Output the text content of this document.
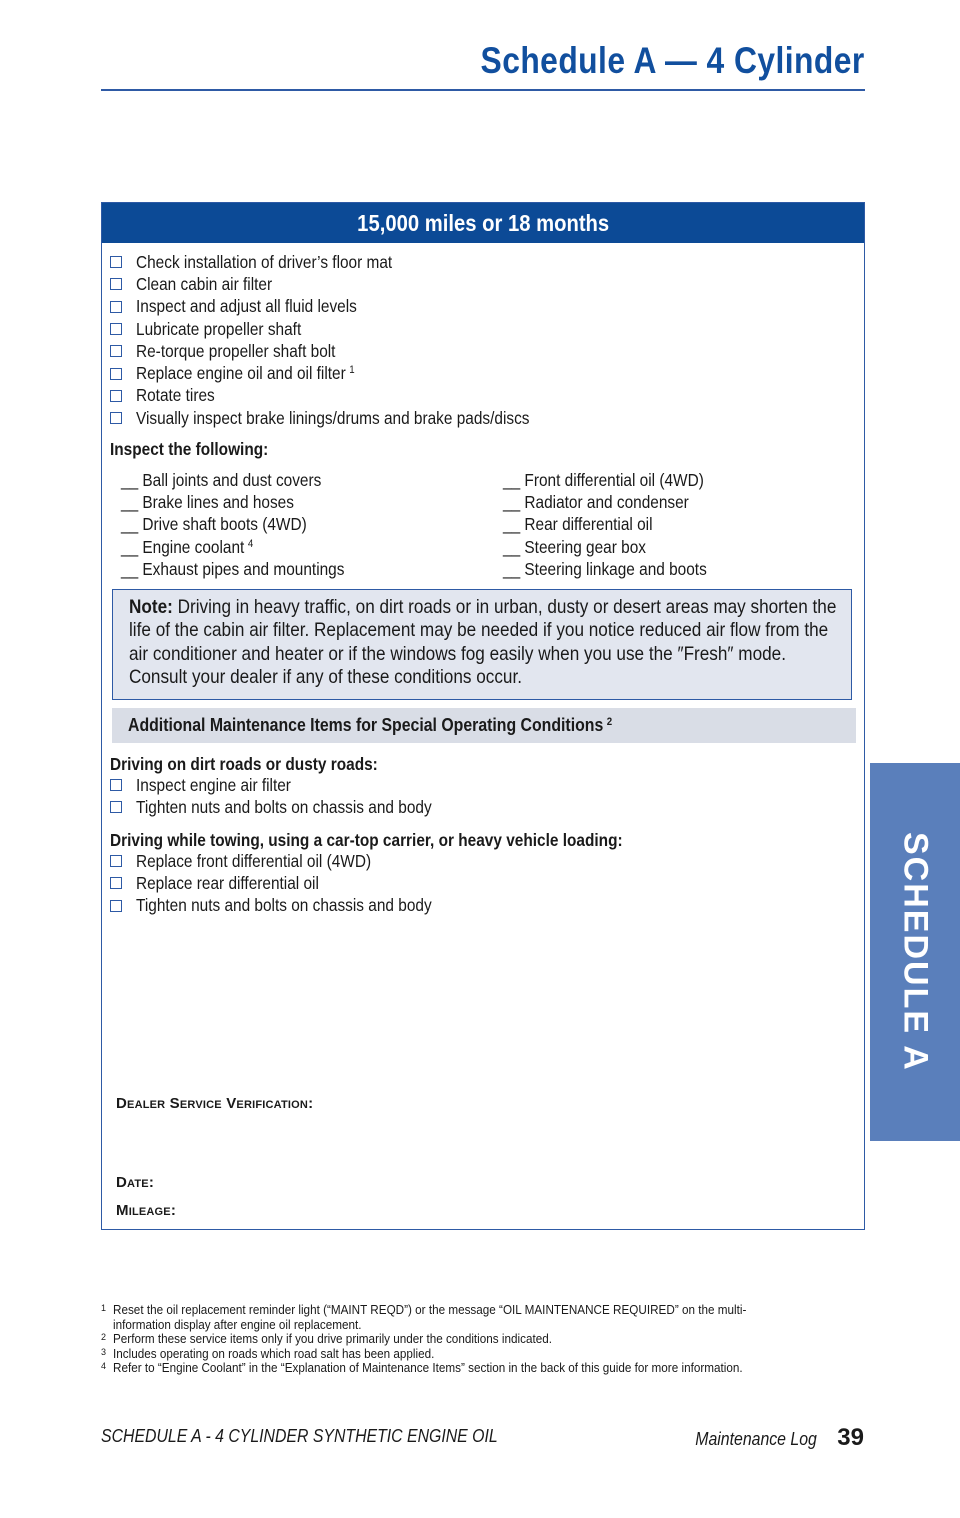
Schedule A — 4 Cylinder
15,000 miles or 18 months
Check installation of driver’s floor mat
Clean cabin air filter
Inspect and adjust all fluid levels
Lubricate propeller shaft
Re-torque propeller shaft bolt
Replace engine oil and oil filter $^1$
Rotate tires
Visually inspect brake linings/drums and brake pads/discs
Inspect the following:
__ Ball joints and dust covers
__ Brake lines and hoses
__ Drive shaft boots (4WD)
__ Engine coolant $^4$
__ Exhaust pipes and mountings
__ Front differential oil (4WD)
__ Radiator and condenser
__ Rear differential oil
__ Steering gear box
__ Steering linkage and boots
Note: Driving in heavy traffic, on dirt roads or in urban, dusty or desert areas may shorten the life of the cabin air filter. Replacement may be needed if you notice reduced air flow from the air conditioner and heater or if the windows fog easily when you use the ″Fresh″ mode. Consult your dealer if any of these conditions occur.
Additional Maintenance Items for Special Operating Conditions $^2$
Driving on dirt roads or dusty roads:
Inspect engine air filter
Tighten nuts and bolts on chassis and body
Driving while towing, using a car-top carrier, or heavy vehicle loading:
Replace front differential oil (4WD)
Replace rear differential oil
Tighten nuts and bolts on chassis and body
Dealer Service Verification:
Date:
Mileage:
1 Reset the oil replacement reminder light (“MAINT REQD”) or the message “OIL MAINTENANCE REQUIRED” on the multi-information display after engine oil replacement.
2 Perform these service items only if you drive primarily under the conditions indicated.
3 Includes operating on roads which road salt has been applied.
4 Refer to “Engine Coolant” in the “Explanation of Maintenance Items” section in the back of this guide for more information.
SCHEDULE A - 4 CYLINDER SYNTHETIC ENGINE OIL	Maintenance Log 39
SCHEDULE A
